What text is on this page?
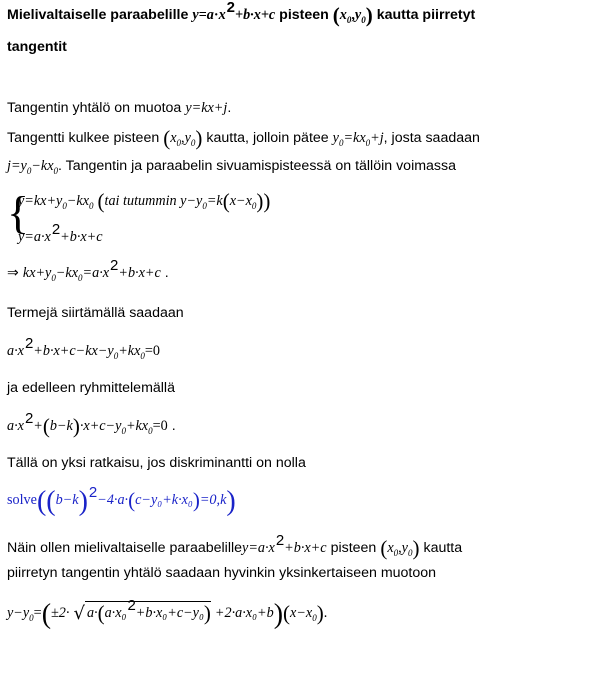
Mielivaltaiselle paraabelille y=a·x2+b·x+c pisteen $(x_0,y_0)$ kautta piirretyt
tangentit
Tangentin yhtälö on muotoa y=kx+j.
Tangentti kulkee pisteen $(x_0,y_0)$ kautta, jolloin pätee $y_0=kx_0+j$, josta saadaan
$j=y_0-kx_0$. Tangentin ja paraabelin sivuamispisteessä on tällöin voimassa
{
$y=kx+y_0-kx_0$ (tai tutummin $y-y_0=k(x-x_0)$)
y=a·x2+b·x+c
⇒ $kx+y_0-kx_0=a\cdot x2+b\cdot x+c$ .
Termejä siirtämällä saadaan
$a\cdot x2+b\cdot x+c-kx-y_0+kx_0=0$
ja edelleen ryhmittelemällä
$a\cdot x2+(b-k)\cdot x+c-y_0+kx_0=0$ .
Tällä on yksi ratkaisu, jos diskriminantti on nolla
solve((b−k)2−4·a·(c−y₀+k·x₀)=0,k)
Näin ollen mielivaltaiselle paraabelilley=a·x2+b·x+c pisteen $(x_0,y_0)$ kautta
piirretyn tangentin yhtälö saadaan hyvinkin yksinkertaiseen muotoon
$y-y_0=(\pm 2\cdot$ √ $a\cdot(a\cdot x_02+b\cdot x_0+c-y_0) +2\cdot a\cdot x_0+b)(x-x_0)$.
